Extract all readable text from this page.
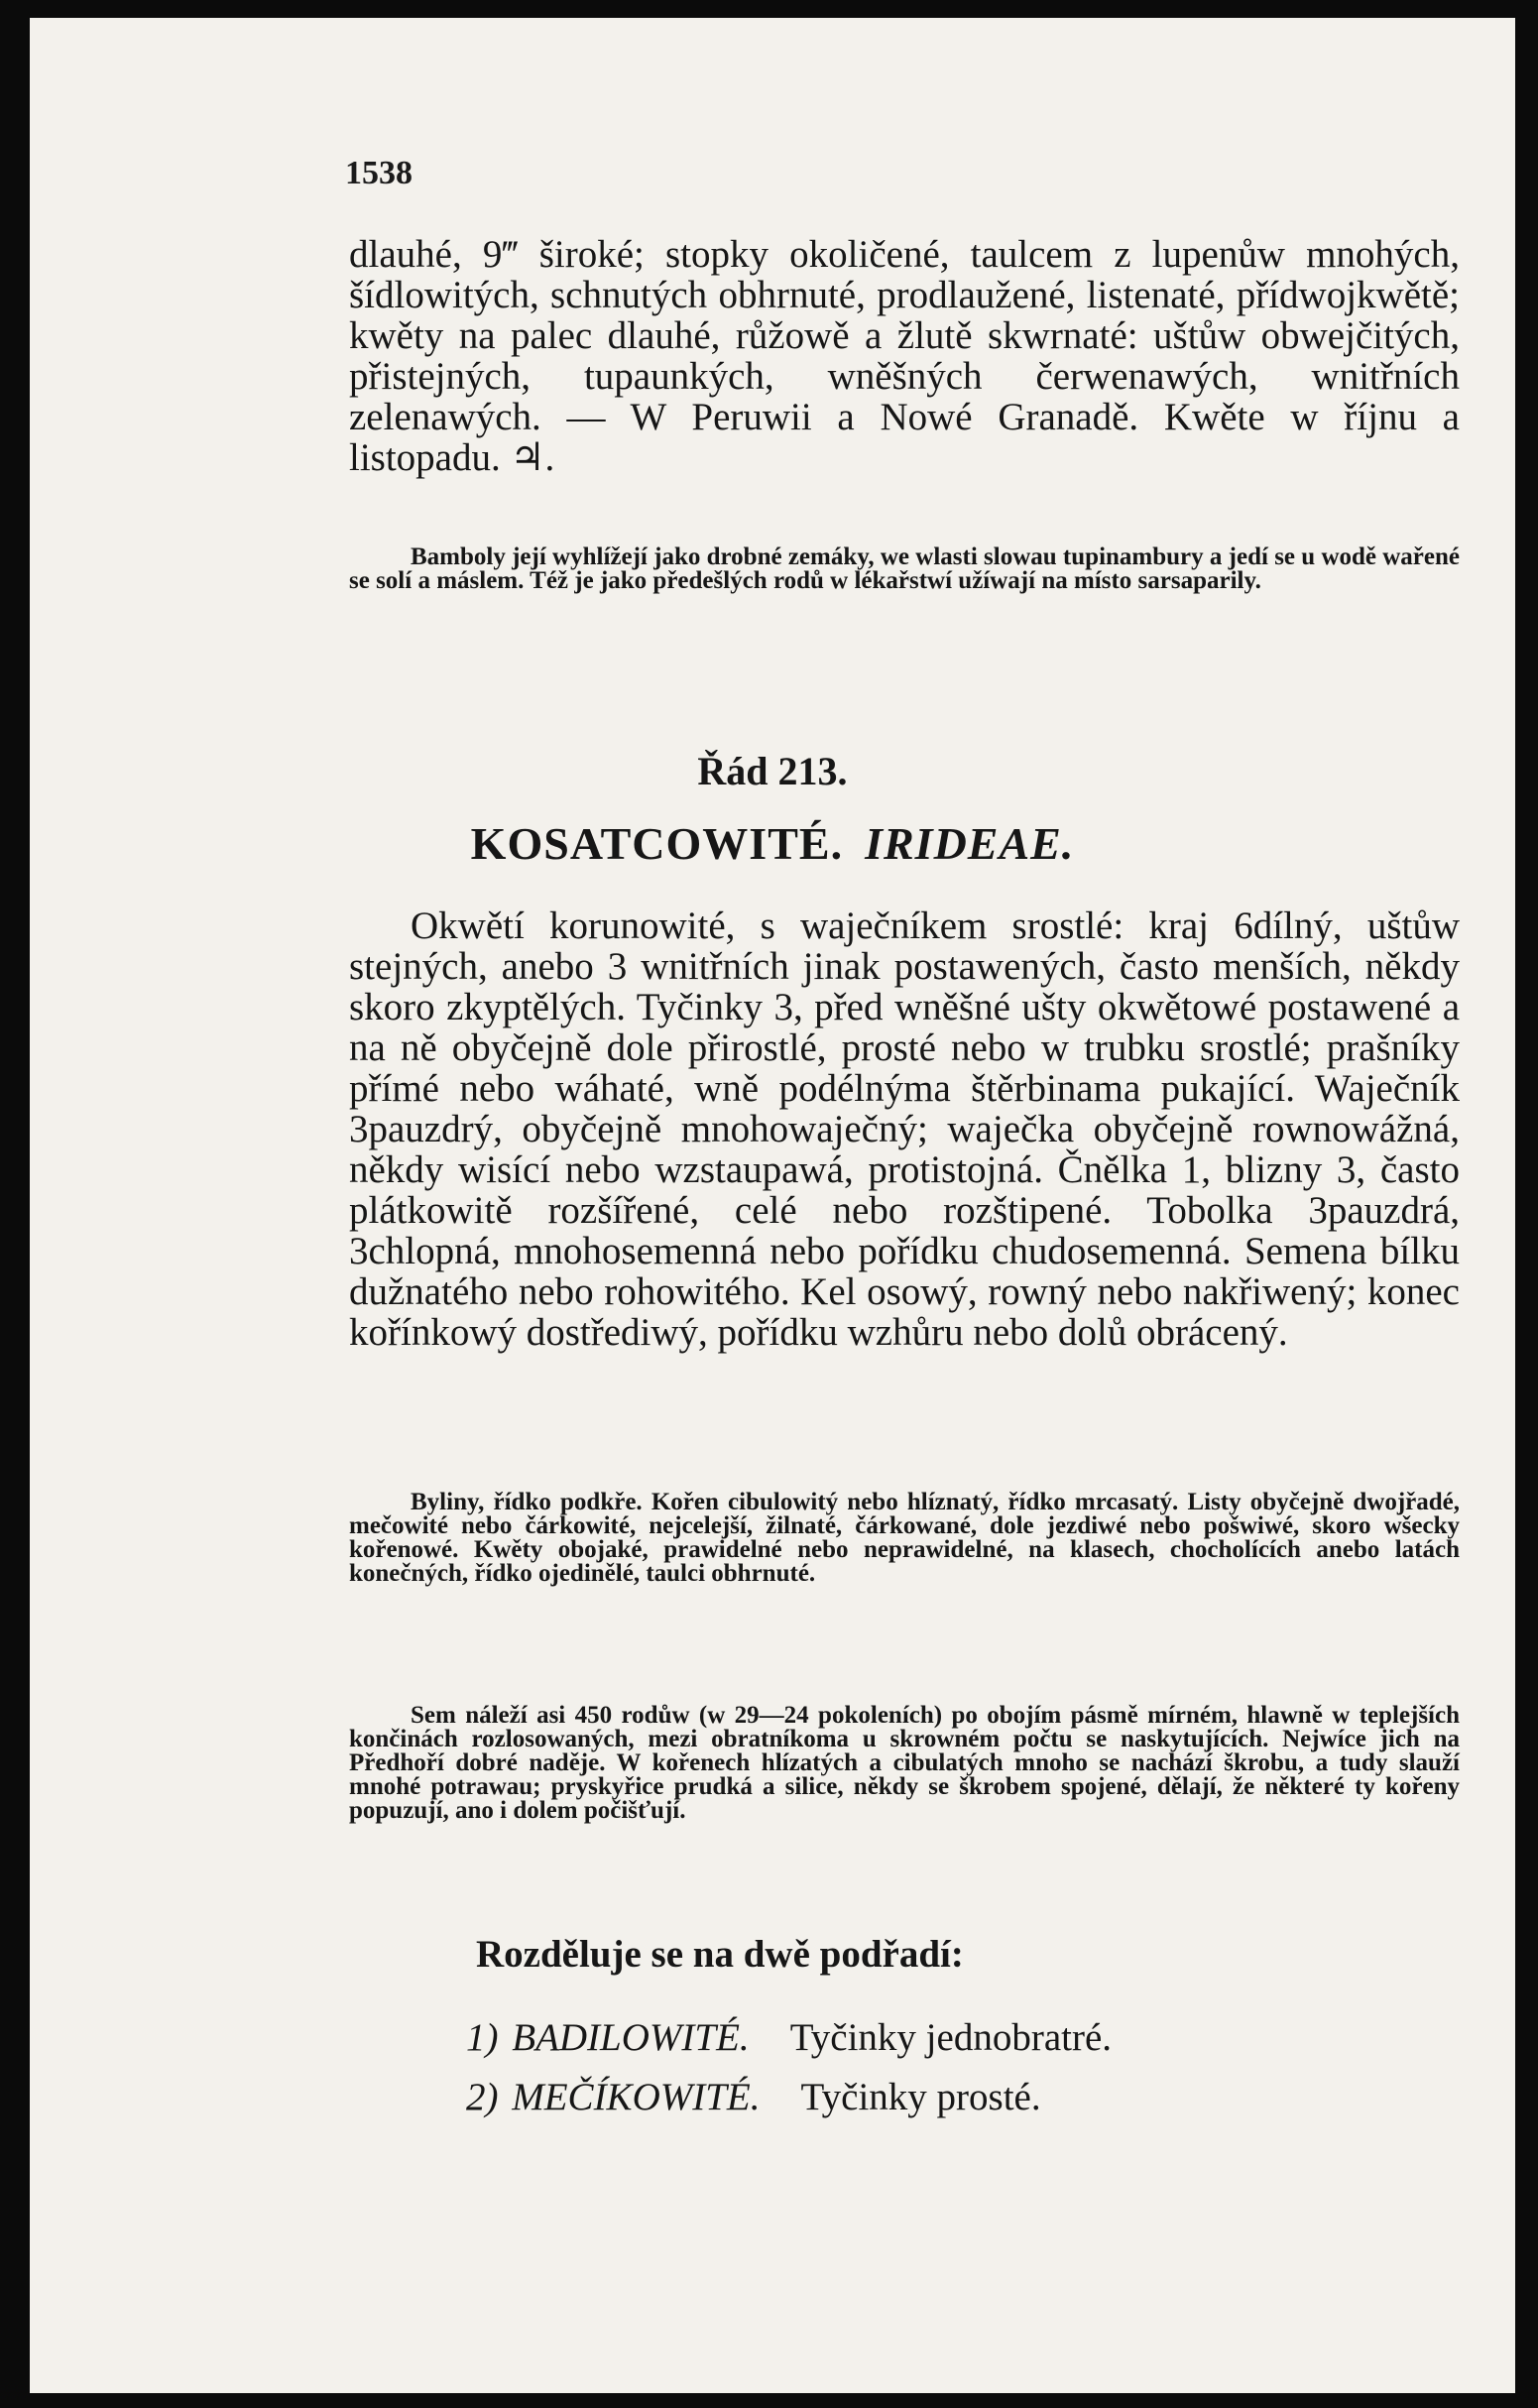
1538

dlauhé, 9‴ široké; stopky okoličené, taulcem z lupenůw mnohých, šídlowitých, schnutých obhrnuté, prodlaužené, listenaté, přídwojkwětě; kwěty na palec dlauhé, růžowě a žlutě skwrnaté: uštůw obwejčitých, přistejných, tupaunkých, wněšných čerwenawých, wnitřních zelenawých. — W Peruwii a Nowé Granadě. Kwěte w říjnu a listopadu. ♃.

Bamboly její wyhlížejí jako drobné zemáky, we wlasti slowau tupinambury a jedí se u wodě wařené se solí a máslem. Též je jako předešlých rodů w lékařstwí užíwají na místo sarsaparily.

Řád 213.
KOSATCOWITÉ. IRIDEAE.

Okwětí korunowité, s waječníkem srostlé: kraj 6dílný, uštůw stejných, anebo 3 wnitřních jinak postawených, často menších, někdy skoro zkyptělých. Tyčinky 3, před wněšné ušty okwětowé postawené a na ně obyčejně dole přirostlé, prosté nebo w trubku srostlé; prašníky přímé nebo wáhaté, wně podélnýma štěrbinama pukající. Waječník 3pauzdrý, obyčejně mnohowaječný; waječka obyčejně rownowážná, někdy wisící nebo wzstaupawá, protistojná. Čnělka 1, blizny 3, často plátkowitě rozšířené, celé nebo rozštipené. Tobolka 3pauzdrá, 3chlopná, mnohosemenná nebo pořídku chudosemenná. Semena bílku dužnatého nebo rohowitého. Kel osowý, rowný nebo nakřiwený; konec kořínkowý dostřediwý, pořídku wzhůru nebo dolů obrácený.

Byliny, řídko podkře. Kořen cibulowitý nebo hlíznatý, řídko mrcasatý. Listy obyčejně dwojřadé, mečowité nebo čárkowité, nejcelejší, žilnaté, čárkowané, dole jezdiwé nebo pošwiwé, skoro wšecky kořenowé. Kwěty obojaké, prawidelné nebo neprawidelné, na klasech, chocholících anebo latách konečných, řídko ojedinělé, taulci obhrnuté.

Sem náleží asi 450 rodůw (w 29—24 pokoleních) po obojím pásmě mírném, hlawně w teplejších končinách rozlosowaných, mezi obratníkoma u skrowném počtu se naskytujících. Nejwíce jich na Předhoří dobré naděje. W kořenech hlízatých a cibulatých mnoho se nachází škrobu, a tudy slauží mnohé potrawau; pryskyřice prudká a silice, někdy se škrobem spojené, dělají, že některé ty kořeny popuzují, ano i dolem počišťují.

Rozděluje se na dwě podřadí:
1) BADILOWITÉ. Tyčinky jednobratré.
2) MEČÍKOWITÉ. Tyčinky prosté.
